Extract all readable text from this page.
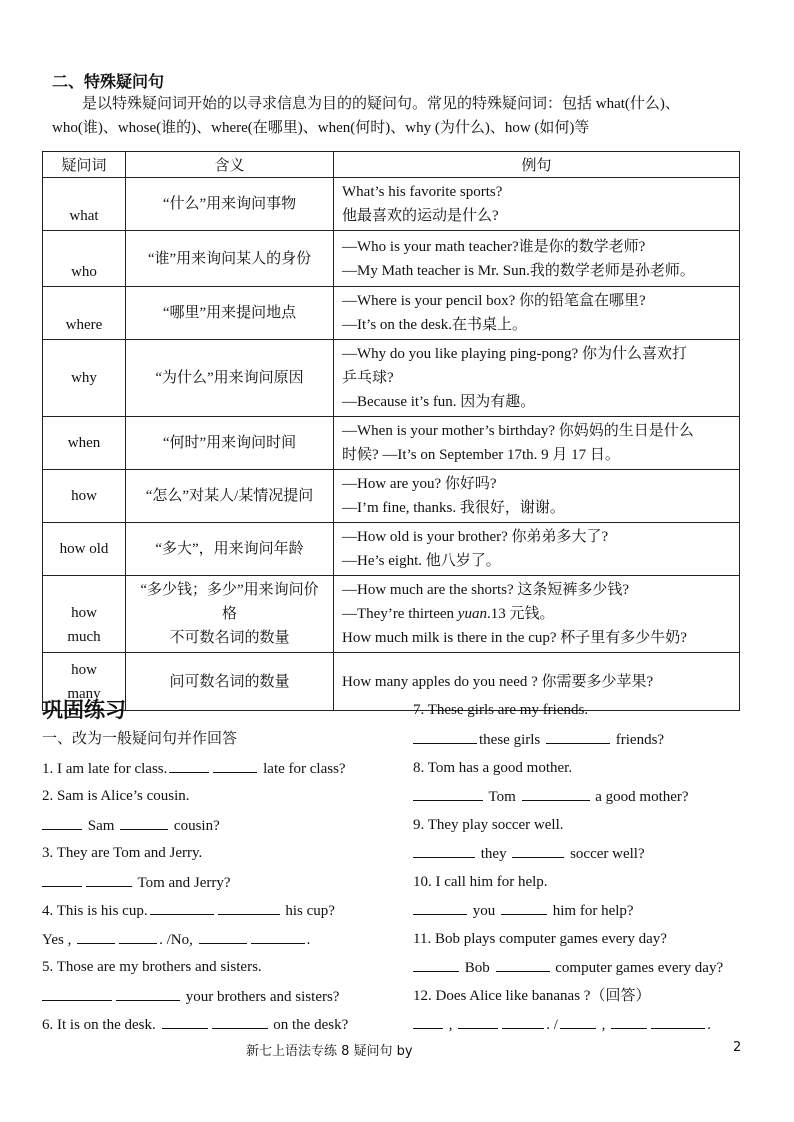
二、特殊疑问句
是以特殊疑问词开始的以寻求信息为目的的疑问句。常见的特殊疑问词：包括 what(什么)、
who(谁)、whose(谁的)、where(在哪里)、when(何时)、why (为什么)、how (如何)等
疑问词	含义	例句
what	“什么”用来询问事物	What’s his favorite sports?
他最喜欢的运动是什么?

who	“谁”用来询问某人的身份	—Who is your math teacher?谁是你的数学老师?
—My Math teacher is Mr. Sun.我的数学老师是孙老师。

where	“哪里”用来提问地点	—Where is your pencil box? 你的铅笔盒在哪里?
—It’s on the desk.在书桌上。

why	“为什么”用来询问原因	—Why do you like playing ping-pong? 你为什么喜欢打
乒乓球?
—Because it’s fun. 因为有趣。

when	“何时”用来询问时间	—When is your mother’s birthday? 你妈妈的生日是什么
时候? —It’s on September 17th. 9 月 17 日。

how	“怎么”对某人/某情况提问	—How are you? 你好吗?
—I’m fine, thanks. 我很好，谢谢。

how old	“多大”，用来询问年龄	—How old is your brother? 你弟弟多大了?
—He’s eight. 他八岁了。

how
much	“多少钱；多少”用来询问价
格
不可数名词的数量	—How much are the shorts? 这条短裤多少钱?
—They’re thirteen yuan.13 元钱。
How much milk is there in the cup? 杯子里有多少牛奶?

how
many	问可数名词的数量	How many apples do you need ? 你需要多少苹果?
巩固练习
一、改为一般疑问句并作回答
1. I am late for class.	late for class?
2. Sam is Alice’s cousin.
Sam	cousin?
3. They are Tom and Jerry.
Tom and Jerry?
4. This is his cup.	his cup?
Yes ,	. /No,	.
5. Those are my brothers and sisters.
your brothers and sisters?
6. It is on the desk.	on the desk?
7. These girls are my friends.
these girls	friends?
8. Tom has a good mother.
Tom	a good mother?
9. They play soccer well.
they	soccer well?
10. I call him for help.
you	him for help?
11. Bob plays computer games every day?
Bob	computer games every day?
12. Does Alice like bananas ?（回答）
,	. /	,	.
新七上语法专练 8 疑问句 by	2
